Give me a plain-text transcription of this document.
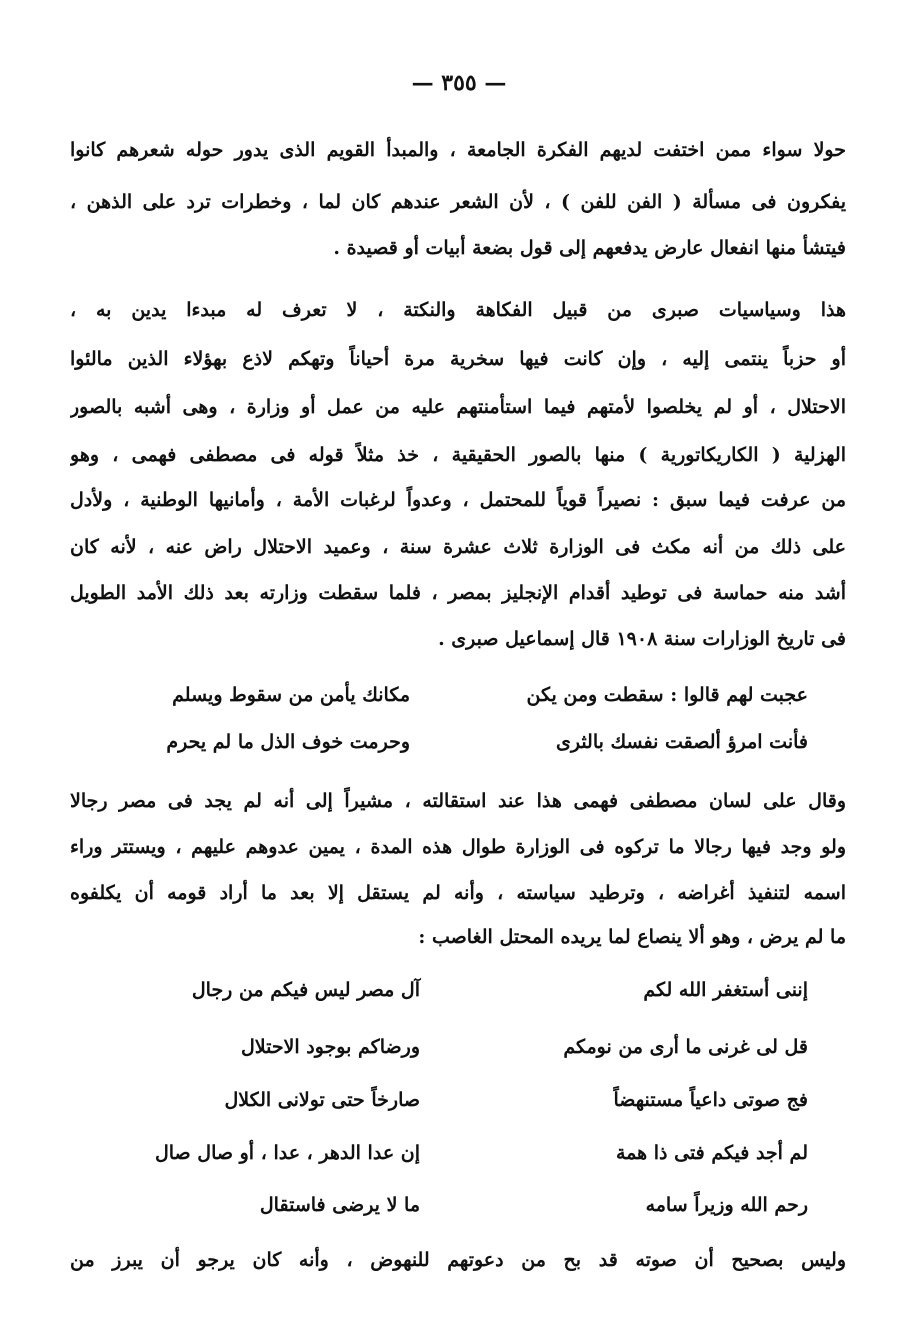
— ٣٥٥ —
حولا سواء ممن اختفت لديهم الفكرة الجامعة ، والمبدأ القويم الذى يدور حوله شعرهم كانوا
يفكرون فى مسألة ( الفن للفن ) ، لأن الشعر عندهم كان لما ، وخطرات ترد على الذهن ،
فيتشأ منها انفعال عارض يدفعهم إلى قول بضعة أبيات أو قصيدة .
هذا وسياسيات صبرى من قبيل الفكاهة والنكتة ، لا تعرف له مبدءا يدين به ،
أو حزباً ينتمى إليه ، وإن كانت فيها سخرية مرة أحياناً وتهكم لاذع بهؤلاء الذين مالئوا
الاحتلال ، أو لم يخلصوا لأمتهم فيما استأمنتهم عليه من عمل أو وزارة ، وهى أشبه بالصور
الهزلية ( الكاريكاتورية ) منها بالصور الحقيقية ، خذ مثلاً قوله فى مصطفى فهمى ، وهو
من عرفت فيما سبق : نصيراً قوياً للمحتمل ، وعدواً لرغبات الأمة ، وأمانيها الوطنية ، ولأدل
على ذلك من أنه مكث فى الوزارة ثلاث عشرة سنة ، وعميد الاحتلال راض عنه ، لأنه كان
أشد منه حماسة فى توطيد أقدام الإنجليز بمصر ، فلما سقطت وزارته بعد ذلك الأمد الطويل
فى تاريخ الوزارات سنة ١٩٠٨ قال إسماعيل صبرى .
عجبت لهم قالوا : سقطت ومن يكن
مكانك يأمن من سقوط ويسلم
فأنت امرؤ ألصقت نفسك بالثرى
وحرمت خوف الذل ما لم يحرم
وقال على لسان مصطفى فهمى هذا عند استقالته ، مشيراً إلى أنه لم يجد فى مصر رجالا
ولو وجد فيها رجالا ما تركوه فى الوزارة طوال هذه المدة ، يمين عدوهم عليهم ، ويستتر وراء
اسمه لتنفيذ أغراضه ، وترطيد سياسته ، وأنه لم يستقل إلا بعد ما أراد قومه أن يكلفوه
ما لم يرض ، وهو ألا ينصاع لما يريده المحتل الغاصب :
إننى أستغفر الله لكم
آل مصر ليس فيكم من رجال
قل لى غرنى ما أرى من نومكم
ورضاكم بوجود الاحتلال
فج صوتى داعياً مستنهضاً
صارخاً حتى تولانى الكلال
لم أجد فيكم فتى ذا همة
إن عدا الدهر ، عدا ، أو صال صال
رحم الله وزيراً سامه
ما لا يرضى فاستقال
وليس بصحيح أن صوته قد بح من دعوتهم للنهوض ، وأنه كان يرجو أن يبرز من
